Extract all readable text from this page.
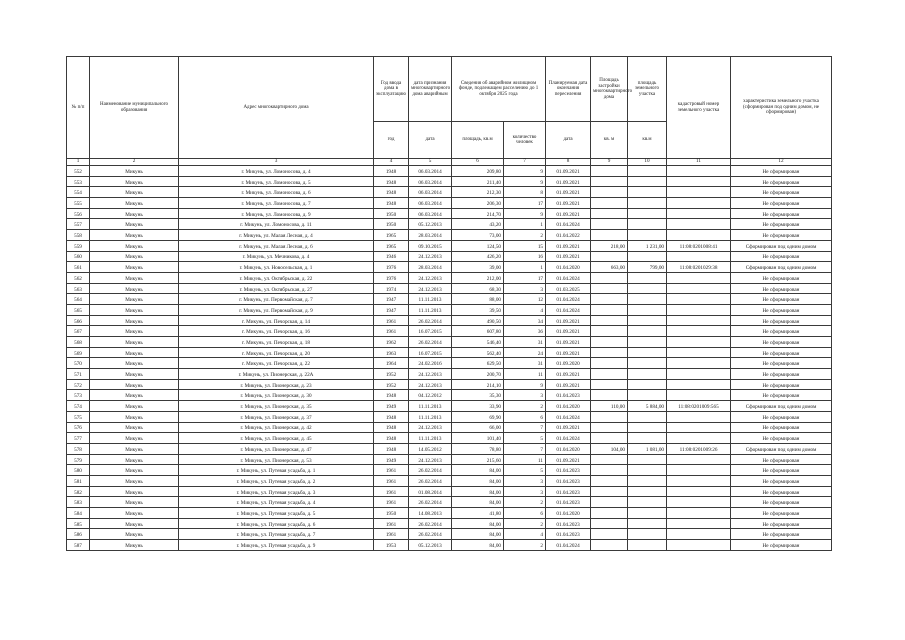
№ п/п	Наименование муниципального образования	Адрес многоквартирного дома	Год ввода дома в эксплуатацию	дата признания многоквартирного дома аварийным	Сведения об аварийном жилищном фонде, подлежащем расселению до 1 октября 2025 года		Планируемая дата окончания переселения	Площадь застройки многоквартирного дома	площадь земельного участка	кадастровый номер земельного участка	характеристика земельного участка (сформирован под одним домом, не сформирован)
			год	дата	площадь, кв.м	количество человек	дата	кв. м	кв.м		
1	2	3	4	5	6	7	8	9	10	11	12
552	Микунь	г. Микунь, ул. Ломоносова, д. 4	1948	06.03.2014	209,80	9	01.09.2021				Не сформирован
553	Микунь	г. Микунь, ул. Ломоносова, д. 5	1948	06.03.2014	211,40	9	01.09.2021				Не сформирован
554	Микунь	г. Микунь, ул. Ломоносова, д. 6	1948	06.03.2014	212,30	8	01.09.2021				Не сформирован
555	Микунь	г. Микунь, ул. Ломоносова, д. 7	1948	06.03.2014	206,30	17	01.09.2021				Не сформирован
556	Микунь	г. Микунь, ул. Ломоносова, д. 9	1950	06.03.2014	214,70	9	01.09.2021				Не сформирован
557	Микунь	г. Микунь, ул. Ломоносова, д. 11	1950	05.12.2013	43,20	1	01.04.2024				Не сформирован
558	Микунь	г. Микунь, ул. Малая Лесная, д. 4	1965	28.03.2014	73,00	2	01.04.2022				Не сформирован
559	Микунь	г. Микунь, ул. Малая Лесная, д. 6	1965	09.10.2015	124,50	15	01.09.2021	218,00	1 231,00	11:08:0201008:41	Сформирован под одним домом
560	Микунь	г. Микунь, ул. Мечникова, д. 4	1946	24.12.2013	426,20	16	01.09.2021				Не сформирован
561	Микунь	г. Микунь, ул. Новосельская, д. 1	1976	28.03.2014	39,00	1	01.04.2020	663,00	799,00	11:08:0201029:38	Сформирован под одним домом
562	Микунь	г. Микунь, ул. Октябрьская, д. 22	1976	24.12.2013	212,00	17	01.04.2024				Не сформирован
563	Микунь	г. Микунь, ул. Октябрьская, д. 27	1974	24.12.2013	68,30	3	01.03.2025				Не сформирован
564	Микунь	г. Микунь, ул. Первомайская, д. 7	1947	11.11.2013	88,00	12	01.04.2024				Не сформирован
565	Микунь	г. Микунь, ул. Первомайская, д. 9	1947	11.11.2013	39,50	4	01.04.2024				Не сформирован
566	Микунь	г. Микунь, ул. Печорская, д. 14	1961	26.02.2014	490,50	34	01.09.2021				Не сформирован
567	Микунь	г. Микунь, ул. Печорская, д. 16	1961	16.07.2015	607,80	36	01.09.2021				Не сформирован
568	Микунь	г. Микунь, ул. Печорская, д. 18	1962	26.02.2014	546,40	31	01.09.2021				Не сформирован
569	Микунь	г. Микунь, ул. Печорская, д. 20	1963	16.07.2015	562,40	24	01.09.2021				Не сформирован
570	Микунь	г. Микунь, ул. Печорская, д. 22	1964	24.02.2016	629,50	31	01.09.2020				Не сформирован
571	Микунь	г. Микунь, ул. Пионерская, д. 22А	1952	24.12.2013	200,70	11	01.09.2021				Не сформирован
572	Микунь	г. Микунь, ул. Пионерская, д. 23	1952	24.12.2013	214,10	9	01.09.2021				Не сформирован
573	Микунь	г. Микунь, ул. Пионерская, д. 30	1948	04.12.2012	35,30	3	01.04.2023				Не сформирован
574	Микунь	г. Микунь, ул. Пионерская, д. 35	1949	11.11.2013	33,90	2	01.04.2020	110,00	5 884,00	11:08:0201009:565	Сформирован под одним домом
575	Микунь	г. Микунь, ул. Пионерская, д. 37	1948	11.11.2013	69,90	6	01.04.2024				Не сформирован
576	Микунь	г. Микунь, ул. Пионерская, д. 42	1948	24.12.2013	66,00	7	01.09.2021				Не сформирован
577	Микунь	г. Микунь, ул. Пионерская, д. 45	1948	11.11.2013	101,40	5	01.04.2024				Не сформирован
578	Микунь	г. Микунь, ул. Пионерская, д. 47	1948	14.05.2012	78,80	7	01.04.2020	104,00	1 081,00	11:08:0201009:26	Сформирован под одним домом
579	Микунь	г. Микунь, ул. Пионерская, д. 53	1949	24.12.2013	215,60	11	01.09.2021				Не сформирован
580	Микунь	г. Микунь, ул. Путевая усадьба, д. 1	1961	26.02.2014	84,00	5	01.04.2023				Не сформирован
581	Микунь	г. Микунь, ул. Путевая усадьба, д. 2	1961	26.02.2014	84,00	3	01.04.2023				Не сформирован
582	Микунь	г. Микунь, ул. Путевая усадьба, д. 3	1961	01.08.2014	84,00	3	01.04.2023				Не сформирован
583	Микунь	г. Микунь, ул. Путевая усадьба, д. 4	1961	26.02.2014	84,00	2	01.04.2023				Не сформирован
584	Микунь	г. Микунь, ул. Путевая усадьба, д. 5	1950	14.08.2013	41,80	6	01.04.2020				Не сформирован
585	Микунь	г. Микунь, ул. Путевая усадьба, д. 6	1961	26.02.2014	84,00	2	01.04.2023				Не сформирован
586	Микунь	г. Микунь, ул. Путевая усадьба, д. 7	1961	26.02.2014	84,00	4	01.04.2023				Не сформирован
587	Микунь	г. Микунь, ул. Путевая усадьба, д. 9	1953	05.12.2013	84,00	2	01.04.2024				Не сформирован
